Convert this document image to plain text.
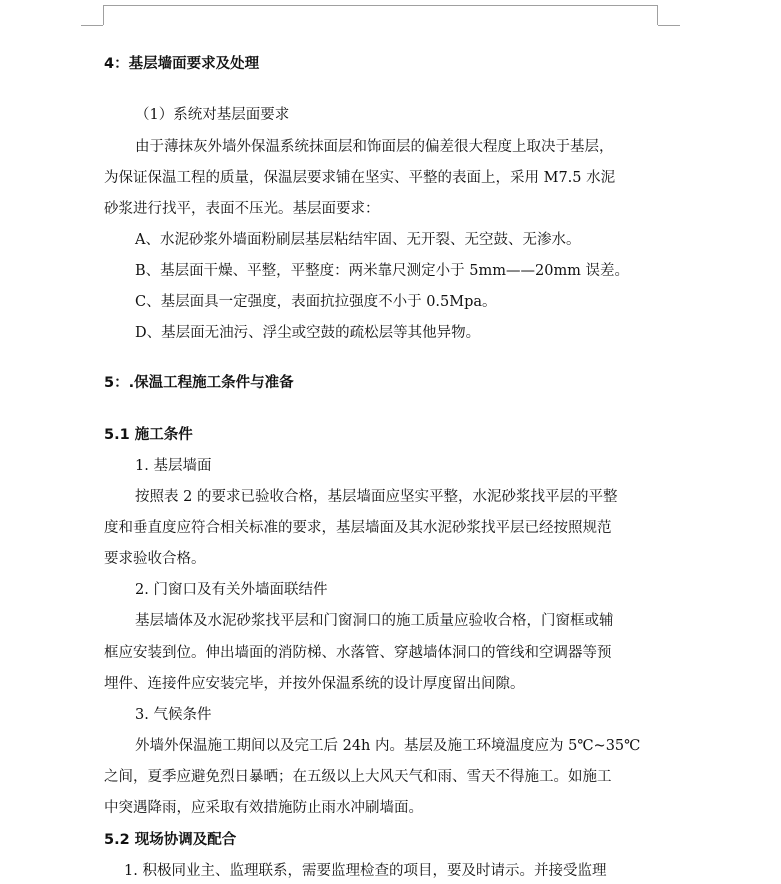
4：基层墙面要求及处理
（1）系统对基层面要求
由于薄抹灰外墙外保温系统抹面层和饰面层的偏差很大程度上取决于基层，
为保证保温工程的质量，保温层要求铺在坚实、平整的表面上，采用 M7.5 水泥
砂浆进行找平，表面不压光。基层面要求：
A、水泥砂浆外墙面粉刷层基层粘结牢固、无开裂、无空鼓、无渗水。
B、基层面干燥、平整，平整度：两米靠尺测定小于 5mm——20mm 误差。
C、基层面具一定强度，表面抗拉强度不小于 0.5Mpa。
D、基层面无油污、浮尘或空鼓的疏松层等其他异物。
5：.保温工程施工条件与准备
5.1 施工条件
1. 基层墙面
按照表 2 的要求已验收合格，基层墙面应坚实平整，水泥砂浆找平层的平整
度和垂直度应符合相关标准的要求，基层墙面及其水泥砂浆找平层已经按照规范
要求验收合格。
2. 门窗口及有关外墙面联结件
基层墙体及水泥砂浆找平层和门窗洞口的施工质量应验收合格，门窗框或辅
框应安装到位。伸出墙面的消防梯、水落管、穿越墙体洞口的管线和空调器等预
埋件、连接件应安装完毕，并按外保温系统的设计厚度留出间隙。
3. 气候条件
外墙外保温施工期间以及完工后 24h 内。基层及施工环境温度应为 5℃~35℃
之间，夏季应避免烈日暴晒；在五级以上大风天气和雨、雪天不得施工。如施工
中突遇降雨，应采取有效措施防止雨水冲刷墙面。
5.2 现场协调及配合
1. 积极同业主、监理联系，需要监理检查的项目，要及时请示。并接受监理
